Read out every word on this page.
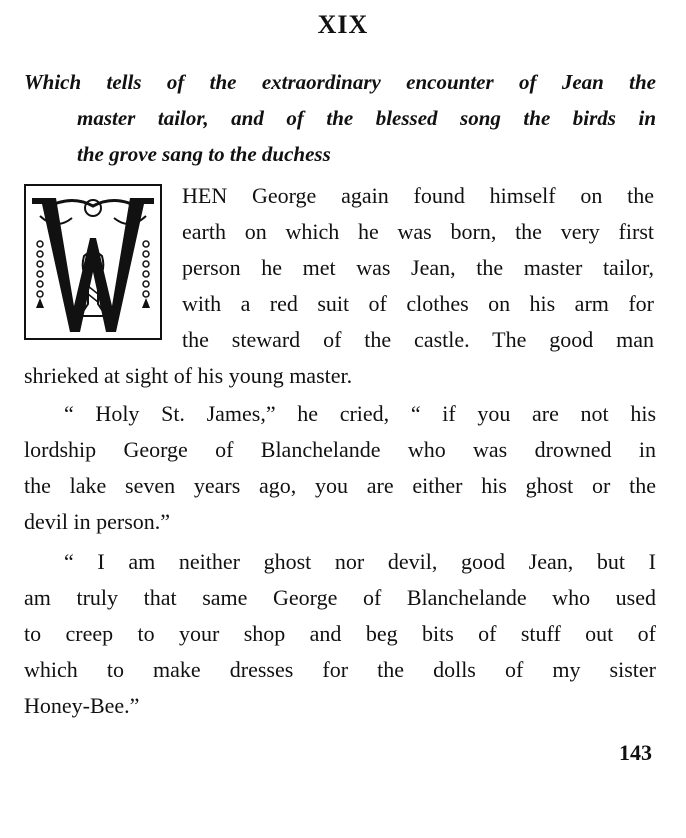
XIX
Which tells of the extraordinary encounter of Jean the
master tailor, and of the blessed song the birds in
the grove sang to the duchess
HEN George again found himself on the
earth on which he was born, the very first
person he met was Jean, the master tailor,
with a red suit of clothes on his arm for
the steward of the castle. The good man
shrieked at sight of his young master.
“ Holy St. James,” he cried, “ if you are not his
lordship George of Blanchelande who was drowned in
the lake seven years ago, you are either his ghost or the
devil in person.”
“ I am neither ghost nor devil, good Jean, but I
am truly that same George of Blanchelande who used
to creep to your shop and beg bits of stuff out of
which to make dresses for the dolls of my sister
Honey-Bee.”
143
